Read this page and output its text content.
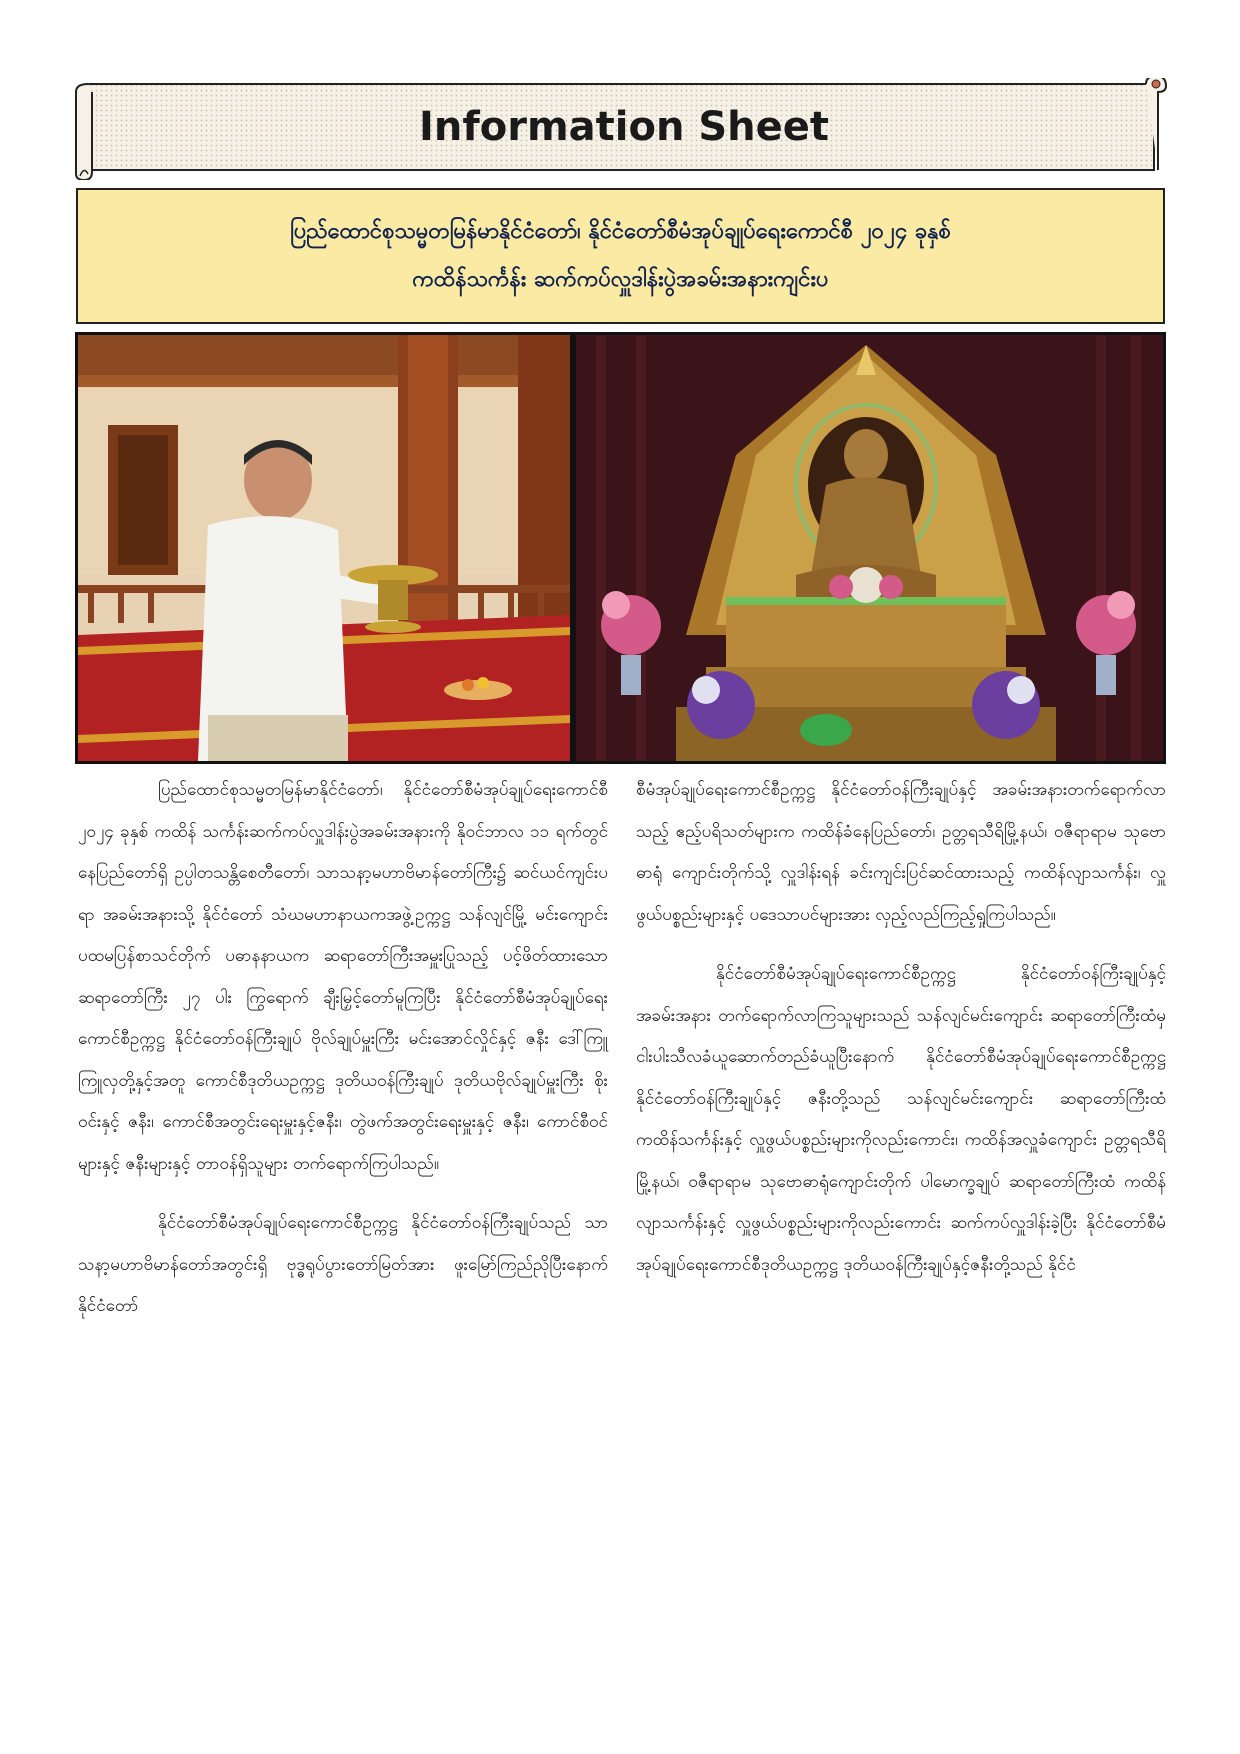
Information Sheet
ပြည်ထောင်စုသမ္မတမြန်မာနိုင်ငံတော်၊ နိုင်ငံတော်စီမံအုပ်ချုပ်ရေးကောင်စီ ၂၀၂၄ ခုနှစ်
ကထိန်သင်္ကန်း ဆက်ကပ်လှူဒါန်းပွဲအခမ်းအနားကျင်းပ

ပြည်ထောင်စုသမ္မတမြန်မာနိုင်ငံတော်၊ နိုင်ငံတော်စီမံအုပ်ချုပ်ရေးကောင်စီ ၂၀၂၄ ခုနှစ် ကထိန် သင်္ကန်းဆက်ကပ်လှူဒါန်းပွဲအခမ်းအနားကို နိုဝင်ဘာလ ၁၁ ရက်တွင် နေပြည်တော်ရှိ ဥပ္ပါတသန္တိစေတီတော်၊ သာသနာ့မဟာဗိမာန်တော်ကြီး၌ ဆင်ယင်ကျင်းပရာ အခမ်းအနားသို့ နိုင်ငံတော် သံဃမဟာနာယကအဖွဲ့ဥက္ကဋ္ဌ သန်လျင်မြို့ မင်းကျောင်းပထမပြန်စာသင်တိုက် ပဓာနနာယက ဆရာတော်ကြီးအမှူးပြုသည့် ပင့်ဖိတ်ထားသော ဆရာတော်ကြီး ၂၇ ပါး ကြွရောက် ချီးမြှင့်တော်မူကြပြီး နိုင်ငံတော်စီမံအုပ်ချုပ်ရေးကောင်စီဥက္ကဋ္ဌ နိုင်ငံတော်ဝန်ကြီးချုပ် ဗိုလ်ချုပ်မှူးကြီး မင်းအောင်လှိုင်နှင့် ဇနီး ဒေါ်ကြူကြူလှတို့နှင့်အတူ ကောင်စီဒုတိယဥက္ကဋ္ဌ ဒုတိယဝန်ကြီးချုပ် ဒုတိယဗိုလ်ချုပ်မှူးကြီး စိုးဝင်းနှင့် ဇနီး၊ ကောင်စီအတွင်းရေးမှူးနှင့်ဇနီး၊ တွဲဖက်အတွင်းရေးမှူးနှင့် ဇနီး၊ ကောင်စီဝင်များနှင့် ဇနီးများနှင့် တာဝန်ရှိသူများ တက်ရောက်ကြပါသည်။

နိုင်ငံတော်စီမံအုပ်ချုပ်ရေးကောင်စီဥက္ကဋ္ဌ နိုင်ငံတော်ဝန်ကြီးချုပ်သည် သာသနာ့မဟာဗိမာန်တော်အတွင်းရှိ ဗုဒ္ဓရုပ်ပွားတော်မြတ်အား ဖူးမြော်ကြည်ညိုပြီးနောက် နိုင်ငံတော်

စီမံအုပ်ချုပ်ရေးကောင်စီဥက္ကဋ္ဌ နိုင်ငံတော်ဝန်ကြီးချုပ်နှင့် အခမ်းအနားတက်ရောက်လာသည့် ဧည့်ပရိသတ်များက ကထိန်ခံနေပြည်တော်၊ ဥတ္တရသီရိမြို့နယ်၊ ဝဇီရာရာမ သုဗောဓာရုံ ကျောင်းတိုက်သို့ လှူဒါန်းရန် ခင်းကျင်းပြင်ဆင်ထားသည့် ကထိန်လျာသင်္ကန်း၊ လှူဖွယ်ပစ္စည်းများနှင့် ပဒေသာပင်များအား လှည့်လည်ကြည့်ရှုကြပါသည်။

နိုင်ငံတော်စီမံအုပ်ချုပ်ရေးကောင်စီဥက္ကဋ္ဌ နိုင်ငံတော်ဝန်ကြီးချုပ်နှင့် အခမ်းအနား တက်ရောက်လာကြသူများသည် သန်လျင်မင်းကျောင်း ဆရာတော်ကြီးထံမှ ငါးပါးသီလခံယူဆောက်တည်ခံယူပြီးနောက် နိုင်ငံတော်စီမံအုပ်ချုပ်ရေးကောင်စီဥက္ကဋ္ဌ နိုင်ငံတော်ဝန်ကြီးချုပ်နှင့် ဇနီးတို့သည် သန်လျင်မင်းကျောင်း ဆရာတော်ကြီးထံ ကထိန်သင်္ကန်းနှင့် လှူဖွယ်ပစ္စည်းများကိုလည်းကောင်း၊ ကထိန်အလှူခံကျောင်း ဥတ္တရသီရိမြို့နယ်၊ ဝဇီရာရာမ သုဗောဓာရုံကျောင်းတိုက် ပါမောက္ခချုပ် ဆရာတော်ကြီးထံ ကထိန်လျာသင်္ကန်းနှင့် လှူဖွယ်ပစ္စည်းများကိုလည်းကောင်း ဆက်ကပ်လှူဒါန်းခဲ့ပြီး နိုင်ငံတော်စီမံအုပ်ချုပ်ရေးကောင်စီဒုတိယဥက္ကဋ္ဌ ဒုတိယဝန်ကြီးချုပ်နှင့်ဇနီးတို့သည် နိုင်ငံ
